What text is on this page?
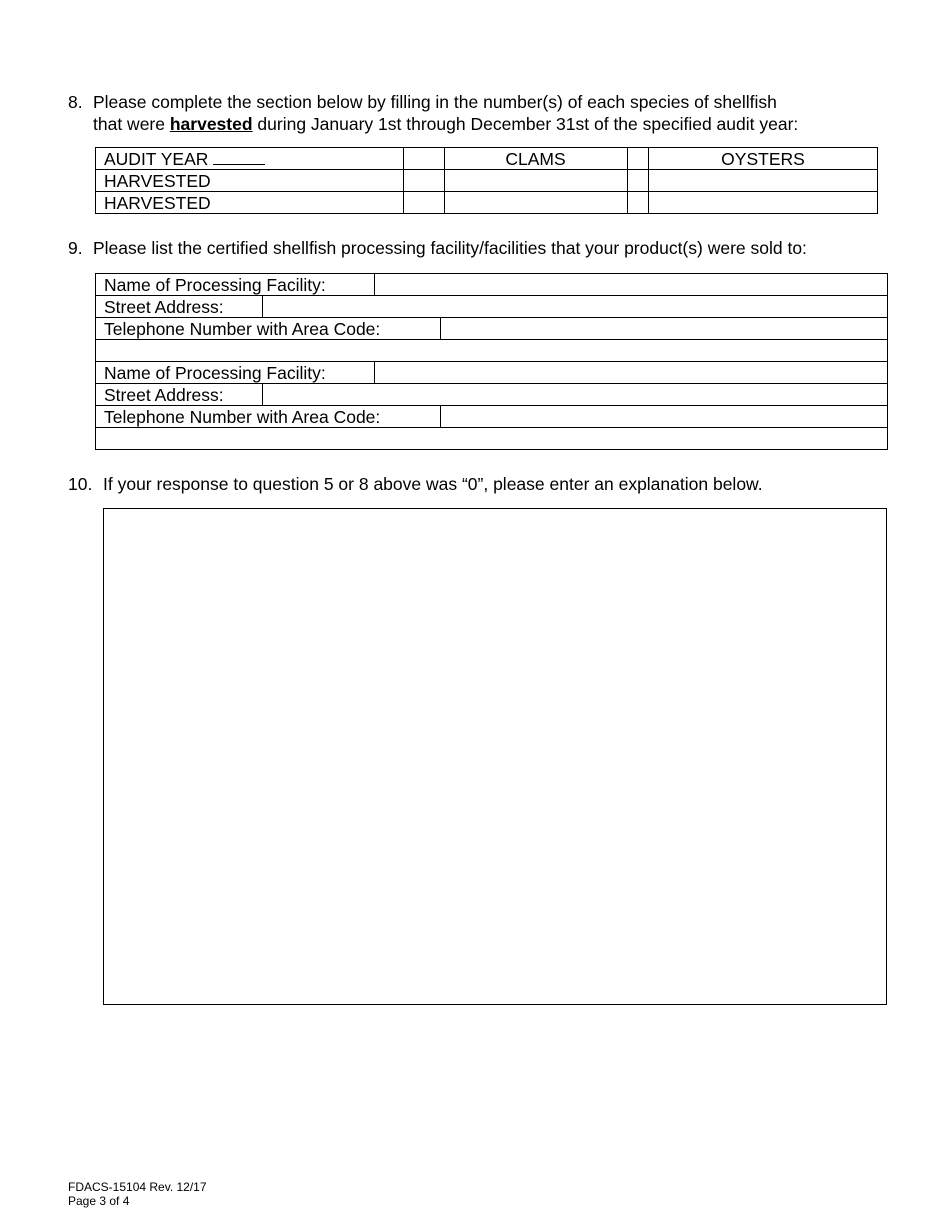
8. Please complete the section below by filling in the number(s) of each species of shellfish
that were harvested during January 1st through December 31st of the specified audit year:
AUDIT YEAR	CLAMS	OYSTERS
HARVESTED
HARVESTED
9. Please list the certified shellfish processing facility/facilities that your product(s) were sold to:
Name of Processing Facility:
Street Address:
Telephone Number with Area Code:
Name of Processing Facility:
Street Address:
Telephone Number with Area Code:
10. If your response to question 5 or 8 above was “0”, please enter an explanation below.
FDACS-15104 Rev. 12/17
Page 3 of 4
